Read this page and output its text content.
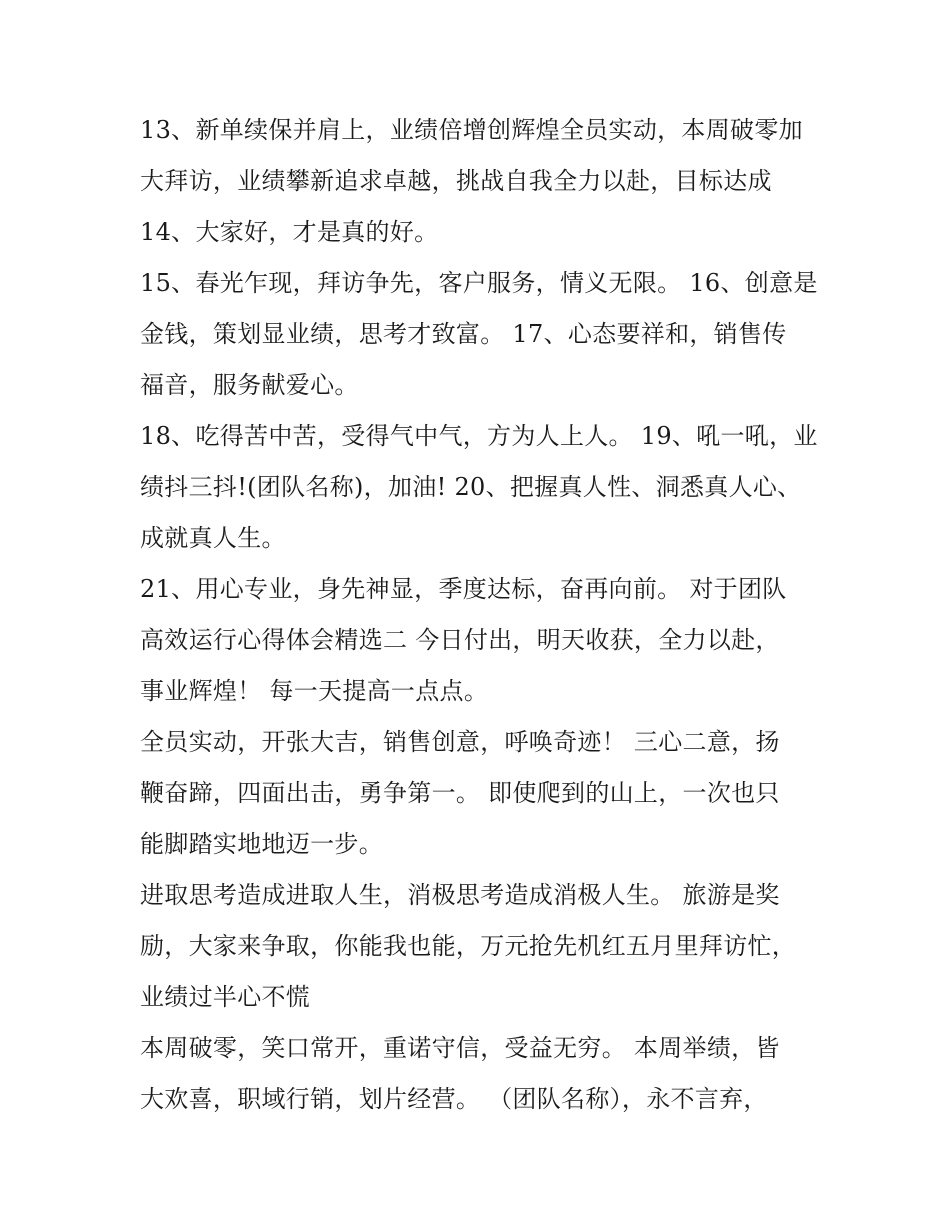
13、新单续保并肩上，业绩倍增创辉煌全员实动，本周破零加
大拜访，业绩攀新追求卓越，挑战自我全力以赴，目标达成
14、大家好，才是真的好。
15、春光乍现，拜访争先，客户服务，情义无限。 16、创意是
金钱，策划显业绩，思考才致富。 17、心态要祥和，销售传
福音，服务献爱心。
18、吃得苦中苦，受得气中气，方为人上人。 19、吼一吼，业
绩抖三抖!(团队名称)，加油! 20、把握真人性、洞悉真人心、
成就真人生。
21、用心专业，身先神显，季度达标，奋再向前。 对于团队
高效运行心得体会精选二 今日付出，明天收获，全力以赴，
事业辉煌！ 每一天提高一点点。
全员实动，开张大吉，销售创意，呼唤奇迹！ 三心二意，扬
鞭奋蹄，四面出击，勇争第一。 即使爬到的山上，一次也只
能脚踏实地地迈一步。
进取思考造成进取人生，消极思考造成消极人生。 旅游是奖
励，大家来争取，你能我也能，万元抢先机红五月里拜访忙，
业绩过半心不慌
本周破零，笑口常开，重诺守信，受益无穷。 本周举绩，皆
大欢喜，职域行销，划片经营。 （团队名称），永不言弃，
